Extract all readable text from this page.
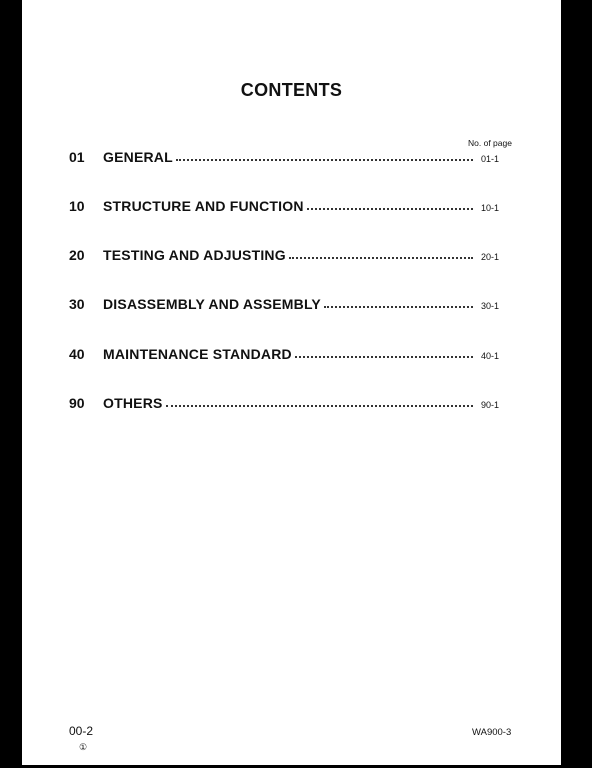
CONTENTS
No. of page
01	GENERAL	01-1
10	STRUCTURE AND FUNCTION	10-1
20	TESTING AND ADJUSTING	20-1
30	DISASSEMBLY AND ASSEMBLY	30-1
40	MAINTENANCE STANDARD	40-1
90	OTHERS	90-1
00-2
①
WA900-3
